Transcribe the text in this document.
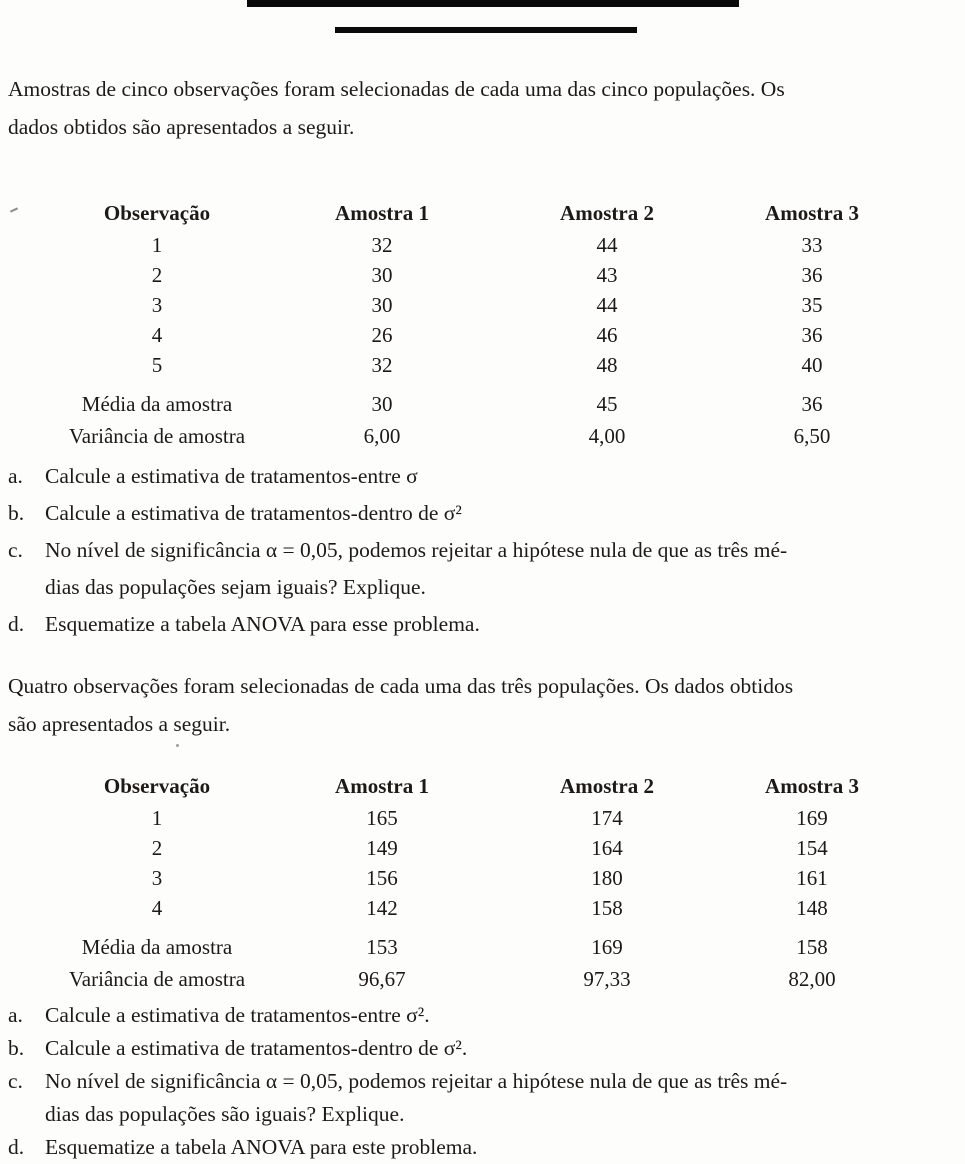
Amostras de cinco observações foram selecionadas de cada uma das cinco populações. Os
dados obtidos são apresentados a seguir.
Observação	Amostra 1	Amostra 2	Amostra 3
1	32	44	33
2	30	43	36
3	30	44	35
4	26	46	36
5	32	48	40
Média da amostra	30	45	36
Variância de amostra	6,00	4,00	6,50
a.	Calcule a estimativa de tratamentos-entre σ
b. Calcule a estimativa de tratamentos-dentro de σ²
c.	No nível de significância α = 0,05, podemos rejeitar a hipótese nula de que as três mé-
dias das populações sejam iguais? Explique.
d. Esquematize a tabela ANOVA para esse problema.
Quatro observações foram selecionadas de cada uma das três populações. Os dados obtidos
são apresentados a seguir.
Observação	Amostra 1	Amostra 2	Amostra 3
1	165	174	169
2	149	164	154
3	156	180	161
4	142	158	148
Média da amostra	153	169	158
Variância de amostra	96,67	97,33	82,00
a.	Calcule a estimativa de tratamentos-entre σ².
b. Calcule a estimativa de tratamentos-dentro de σ².
c.	No nível de significância α = 0,05, podemos rejeitar a hipótese nula de que as três mé-
dias das populações são iguais? Explique.
d. Esquematize a tabela ANOVA para este problema.
